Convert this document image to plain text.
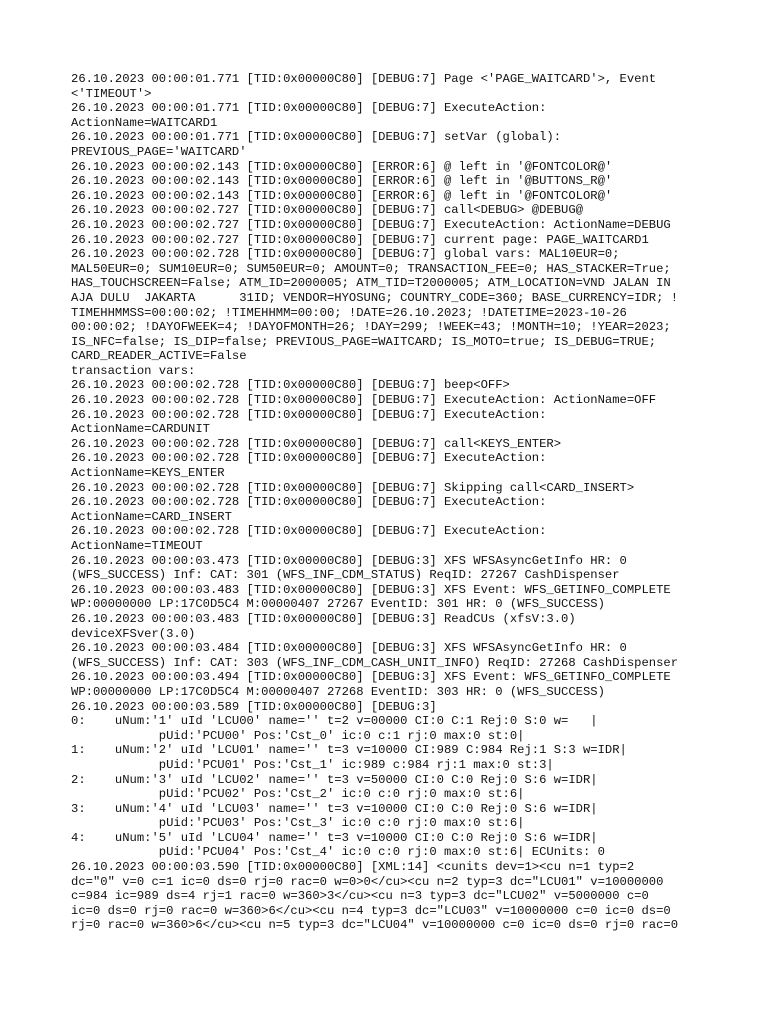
26.10.2023 00:00:01.771 [TID:0x00000C80] [DEBUG:7] Page <'PAGE_WAITCARD'>, Event
<'TIMEOUT'>
26.10.2023 00:00:01.771 [TID:0x00000C80] [DEBUG:7] ExecuteAction:
ActionName=WAITCARD1
26.10.2023 00:00:01.771 [TID:0x00000C80] [DEBUG:7] setVar (global):
PREVIOUS_PAGE='WAITCARD'
26.10.2023 00:00:02.143 [TID:0x00000C80] [ERROR:6] @ left in '@FONTCOLOR@'
26.10.2023 00:00:02.143 [TID:0x00000C80] [ERROR:6] @ left in '@BUTTONS_R@'
26.10.2023 00:00:02.143 [TID:0x00000C80] [ERROR:6] @ left in '@FONTCOLOR@'
26.10.2023 00:00:02.727 [TID:0x00000C80] [DEBUG:7] call<DEBUG> @DEBUG@
26.10.2023 00:00:02.727 [TID:0x00000C80] [DEBUG:7] ExecuteAction: ActionName=DEBUG
26.10.2023 00:00:02.727 [TID:0x00000C80] [DEBUG:7] current page: PAGE_WAITCARD1
26.10.2023 00:00:02.728 [TID:0x00000C80] [DEBUG:7] global vars: MAL10EUR=0;
MAL50EUR=0; SUM10EUR=0; SUM50EUR=0; AMOUNT=0; TRANSACTION_FEE=0; HAS_STACKER=True;
HAS_TOUCHSCREEN=False; ATM_ID=2000005; ATM_TID=T2000005; ATM_LOCATION=VND JALAN IN
AJA DULU  JAKARTA      31ID; VENDOR=HYOSUNG; COUNTRY_CODE=360; BASE_CURRENCY=IDR; !
TIMEHHMMSS=00:00:02; !TIMEHHMM=00:00; !DATE=26.10.2023; !DATETIME=2023-10-26
00:00:02; !DAYOFWEEK=4; !DAYOFMONTH=26; !DAY=299; !WEEK=43; !MONTH=10; !YEAR=2023;
IS_NFC=false; IS_DIP=false; PREVIOUS_PAGE=WAITCARD; IS_MOTO=true; IS_DEBUG=TRUE;
CARD_READER_ACTIVE=False
transaction vars:
26.10.2023 00:00:02.728 [TID:0x00000C80] [DEBUG:7] beep<OFF>
26.10.2023 00:00:02.728 [TID:0x00000C80] [DEBUG:7] ExecuteAction: ActionName=OFF
26.10.2023 00:00:02.728 [TID:0x00000C80] [DEBUG:7] ExecuteAction:
ActionName=CARDUNIT
26.10.2023 00:00:02.728 [TID:0x00000C80] [DEBUG:7] call<KEYS_ENTER>
26.10.2023 00:00:02.728 [TID:0x00000C80] [DEBUG:7] ExecuteAction:
ActionName=KEYS_ENTER
26.10.2023 00:00:02.728 [TID:0x00000C80] [DEBUG:7] Skipping call<CARD_INSERT>
26.10.2023 00:00:02.728 [TID:0x00000C80] [DEBUG:7] ExecuteAction:
ActionName=CARD_INSERT
26.10.2023 00:00:02.728 [TID:0x00000C80] [DEBUG:7] ExecuteAction:
ActionName=TIMEOUT
26.10.2023 00:00:03.473 [TID:0x00000C80] [DEBUG:3] XFS WFSAsyncGetInfo HR: 0
(WFS_SUCCESS) Inf: CAT: 301 (WFS_INF_CDM_STATUS) ReqID: 27267 CashDispenser
26.10.2023 00:00:03.483 [TID:0x00000C80] [DEBUG:3] XFS Event: WFS_GETINFO_COMPLETE
WP:00000000 LP:17C0D5C4 M:00000407 27267 EventID: 301 HR: 0 (WFS_SUCCESS)
26.10.2023 00:00:03.483 [TID:0x00000C80] [DEBUG:3] ReadCUs (xfsV:3.0)
deviceXFSver(3.0)
26.10.2023 00:00:03.484 [TID:0x00000C80] [DEBUG:3] XFS WFSAsyncGetInfo HR: 0
(WFS_SUCCESS) Inf: CAT: 303 (WFS_INF_CDM_CASH_UNIT_INFO) ReqID: 27268 CashDispenser
26.10.2023 00:00:03.494 [TID:0x00000C80] [DEBUG:3] XFS Event: WFS_GETINFO_COMPLETE
WP:00000000 LP:17C0D5C4 M:00000407 27268 EventID: 303 HR: 0 (WFS_SUCCESS)
26.10.2023 00:00:03.589 [TID:0x00000C80] [DEBUG:3]
0:    uNum:'1' uId 'LCU00' name='' t=2 v=00000 CI:0 C:1 Rej:0 S:0 w=   |
pUid:'PCU00' Pos:'Cst_0' ic:0 c:1 rj:0 max:0 st:0|
1:    uNum:'2' uId 'LCU01' name='' t=3 v=10000 CI:989 C:984 Rej:1 S:3 w=IDR|
pUid:'PCU01' Pos:'Cst_1' ic:989 c:984 rj:1 max:0 st:3|
2:    uNum:'3' uId 'LCU02' name='' t=3 v=50000 CI:0 C:0 Rej:0 S:6 w=IDR|
pUid:'PCU02' Pos:'Cst_2' ic:0 c:0 rj:0 max:0 st:6|
3:    uNum:'4' uId 'LCU03' name='' t=3 v=10000 CI:0 C:0 Rej:0 S:6 w=IDR|
pUid:'PCU03' Pos:'Cst_3' ic:0 c:0 rj:0 max:0 st:6|
4:    uNum:'5' uId 'LCU04' name='' t=3 v=10000 CI:0 C:0 Rej:0 S:6 w=IDR|
pUid:'PCU04' Pos:'Cst_4' ic:0 c:0 rj:0 max:0 st:6| ECUnits: 0
26.10.2023 00:00:03.590 [TID:0x00000C80] [XML:14] <cunits dev=1><cu n=1 typ=2
dc="0" v=0 c=1 ic=0 ds=0 rj=0 rac=0 w=0>0</cu><cu n=2 typ=3 dc="LCU01" v=10000000
c=984 ic=989 ds=4 rj=1 rac=0 w=360>3</cu><cu n=3 typ=3 dc="LCU02" v=5000000 c=0
ic=0 ds=0 rj=0 rac=0 w=360>6</cu><cu n=4 typ=3 dc="LCU03" v=10000000 c=0 ic=0 ds=0
rj=0 rac=0 w=360>6</cu><cu n=5 typ=3 dc="LCU04" v=10000000 c=0 ic=0 ds=0 rj=0 rac=0
